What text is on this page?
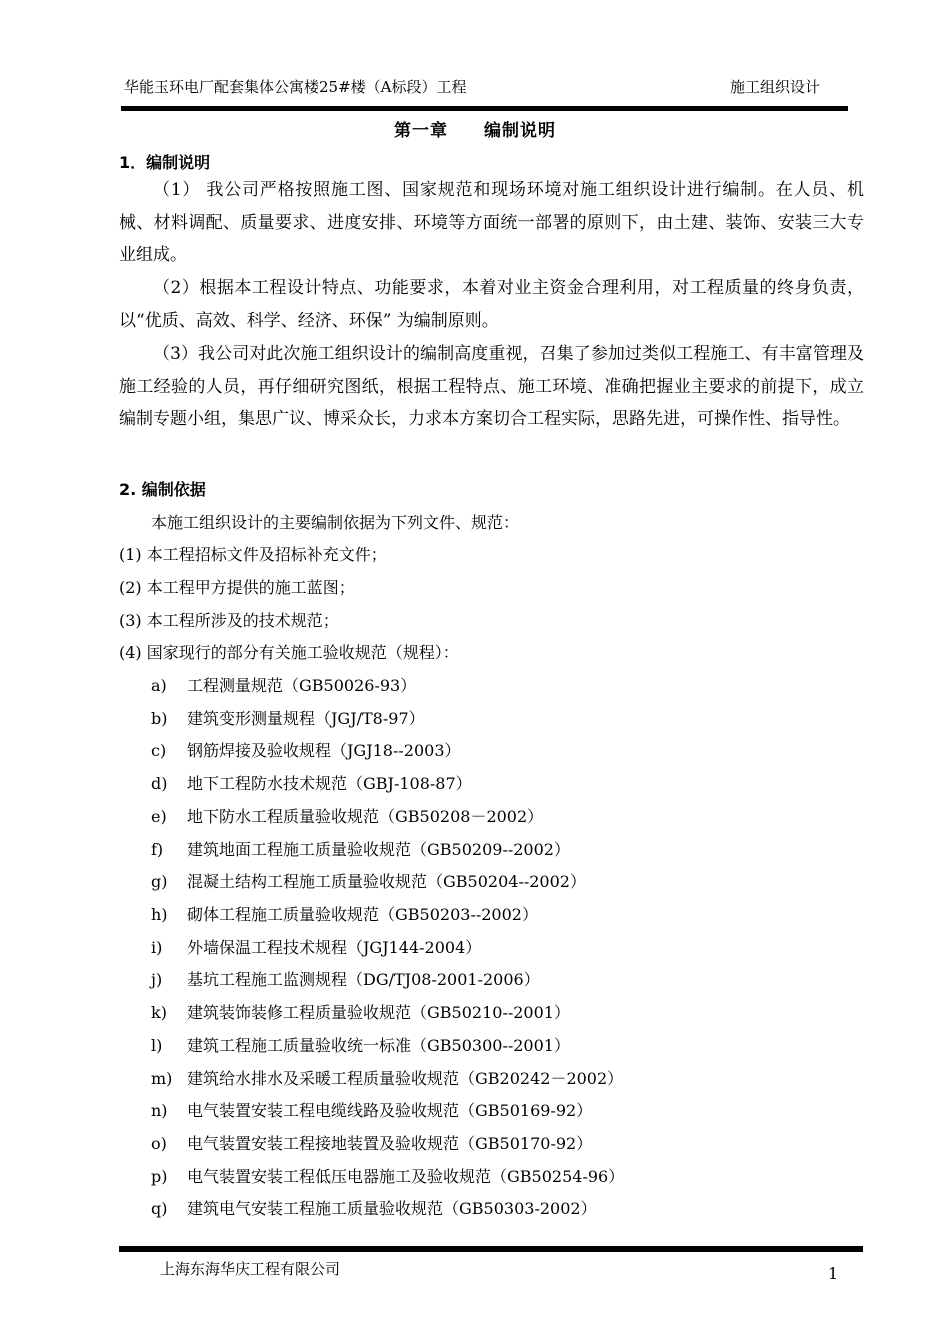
华能玉环电厂配套集体公寓楼25#楼（A标段）工程	施工组织设计
第一章 编制说明
1．编制说明
（1） 我公司严格按照施工图、国家规范和现场环境对施工组织设计进行编制。在人员、机械、材料调配、质量要求、进度安排、环境等方面统一部署的原则下，由土建、装饰、安装三大专业组成。
（2）根据本工程设计特点、功能要求，本着对业主资金合理利用，对工程质量的终身负责，以“优质、高效、科学、经济、环保” 为编制原则。
（3）我公司对此次施工组织设计的编制高度重视，召集了参加过类似工程施工、有丰富管理及施工经验的人员，再仔细研究图纸，根据工程特点、施工环境、准确把握业主要求的前提下，成立编制专题小组，集思广议、博采众长，力求本方案切合工程实际，思路先进，可操作性、指导性。
2. 编制依据
本施工组织设计的主要编制依据为下列文件、规范：
(1) 本工程招标文件及招标补充文件；
(2) 本工程甲方提供的施工蓝图；
(3) 本工程所涉及的技术规范；
(4) 国家现行的部分有关施工验收规范（规程）：
a) 工程测量规范（GB50026-93）
b) 建筑变形测量规程（JGJ/T8-97）
c) 钢筋焊接及验收规程（JGJ18--2003）
d) 地下工程防水技术规范（GBJ-108-87）
e) 地下防水工程质量验收规范（GB50208－2002）
f) 建筑地面工程施工质量验收规范（GB50209--2002）
g) 混凝土结构工程施工质量验收规范（GB50204--2002）
h) 砌体工程施工质量验收规范（GB50203--2002）
i) 外墙保温工程技术规程（JGJ144-2004）
j) 基坑工程施工监测规程（DG/TJ08-2001-2006）
k) 建筑装饰装修工程质量验收规范（GB50210--2001）
l) 建筑工程施工质量验收统一标准（GB50300--2001）
m) 建筑给水排水及采暖工程质量验收规范（GB20242－2002）
n) 电气装置安装工程电缆线路及验收规范（GB50169-92）
o) 电气装置安装工程接地装置及验收规范（GB50170-92）
p) 电气装置安装工程低压电器施工及验收规范（GB50254-96）
q) 建筑电气安装工程施工质量验收规范（GB50303-2002）
上海东海华庆工程有限公司	1
